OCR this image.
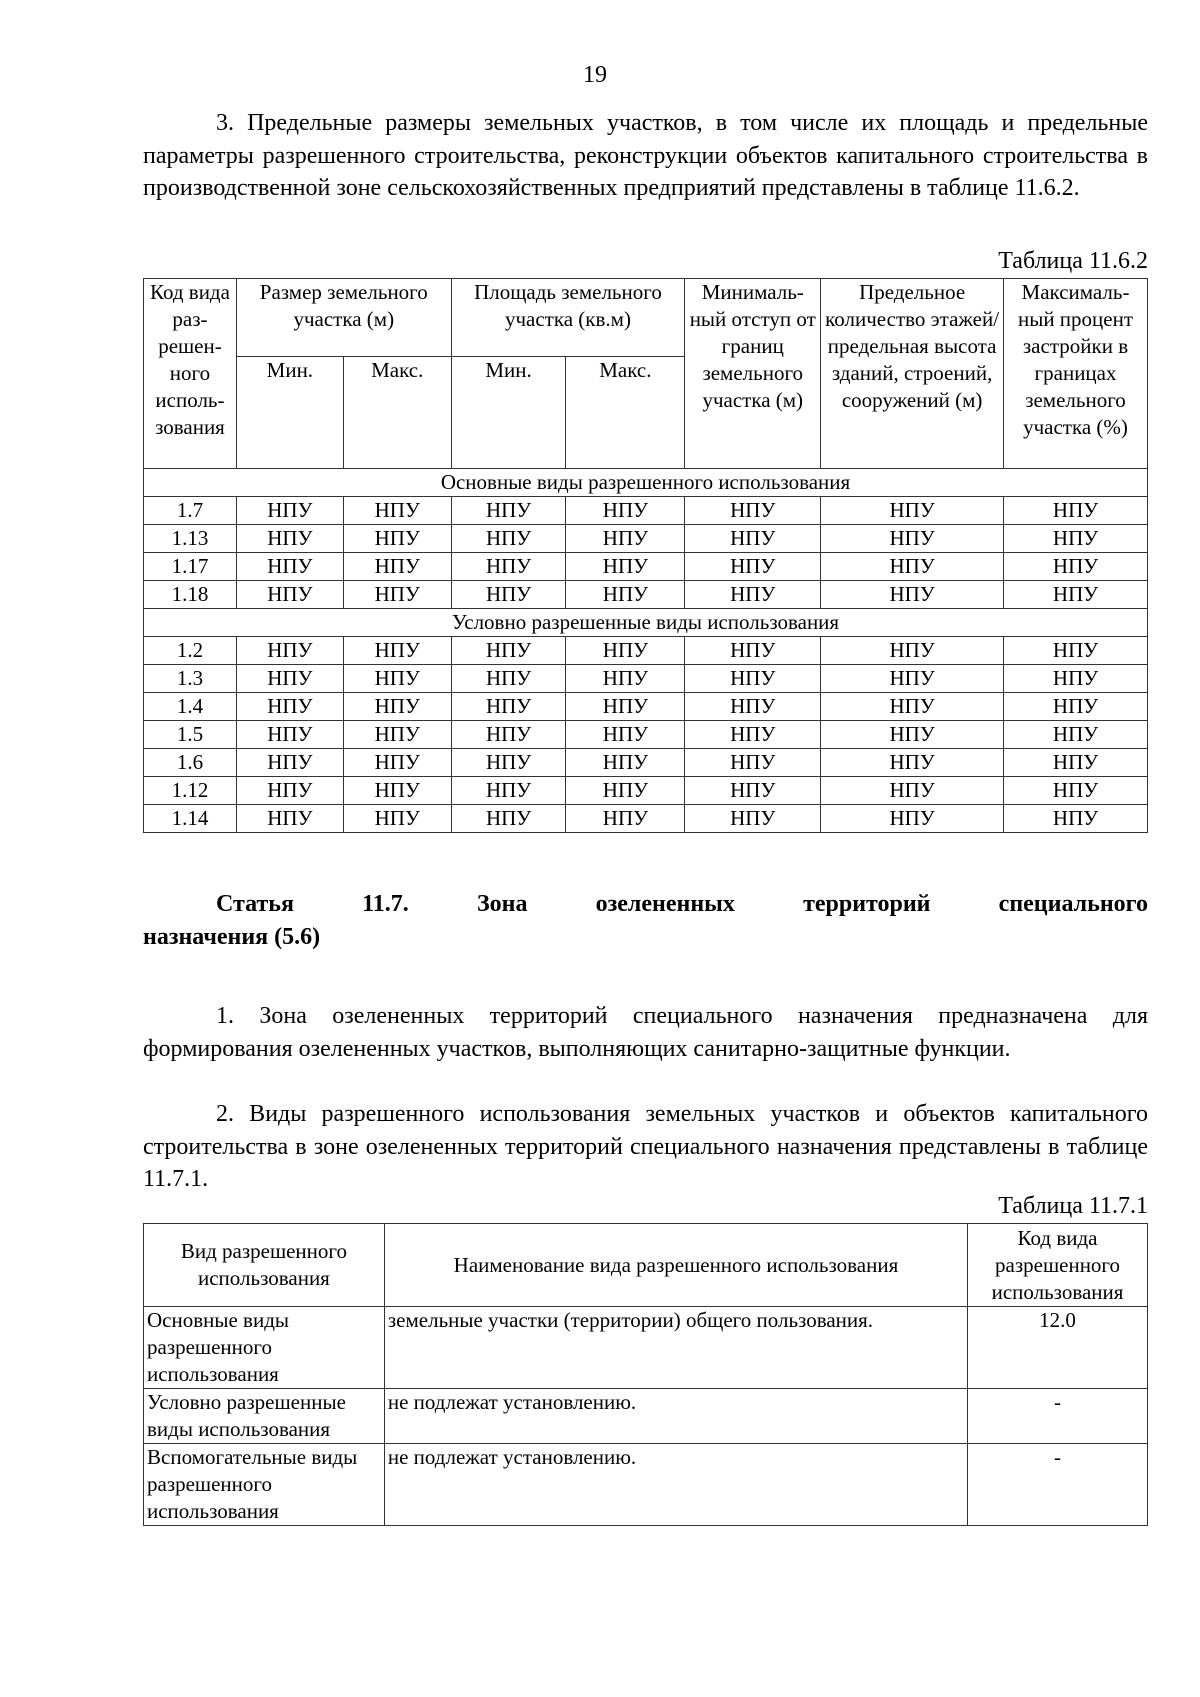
19

3. Предельные размеры земельных участков, в том числе их площадь и предельные параметры разрешенного строительства, реконструкции объектов капитального строительства в производственной зоне сельскохозяйственных предприятий представлены в таблице 11.6.2.

Таблица 11.6.2
Код вида раз-решен-ного исполь-зования	Размер земельного участка (м)		Площадь земельного участка (кв.м)		Минималь-ный отступ от границ земельного участка (м)	Предельное количество этажей/ предельная высота зданий, строений, сооружений (м)	Максималь-ный процент застройки в границах земельного участка (%)
	Мин.	Макс.	Мин.	Макс.			
Основные виды разрешенного использования							
1.7	НПУ	НПУ	НПУ	НПУ	НПУ	НПУ	НПУ
1.13	НПУ	НПУ	НПУ	НПУ	НПУ	НПУ	НПУ
1.17	НПУ	НПУ	НПУ	НПУ	НПУ	НПУ	НПУ
1.18	НПУ	НПУ	НПУ	НПУ	НПУ	НПУ	НПУ
Условно разрешенные виды использования							
1.2	НПУ	НПУ	НПУ	НПУ	НПУ	НПУ	НПУ
1.3	НПУ	НПУ	НПУ	НПУ	НПУ	НПУ	НПУ
1.4	НПУ	НПУ	НПУ	НПУ	НПУ	НПУ	НПУ
1.5	НПУ	НПУ	НПУ	НПУ	НПУ	НПУ	НПУ
1.6	НПУ	НПУ	НПУ	НПУ	НПУ	НПУ	НПУ
1.12	НПУ	НПУ	НПУ	НПУ	НПУ	НПУ	НПУ
1.14	НПУ	НПУ	НПУ	НПУ	НПУ	НПУ	НПУ
Статья	11.7.	Зона	озелененных	территорий	специального
назначения (5.6)

1. Зона озелененных территорий специального назначения предназначена для формирования озелененных участков, выполняющих санитарно-защитные функции.

2. Виды разрешенного использования земельных участков и объектов капитального строительства в зоне озелененных территорий специального назначения представлены в таблице 11.7.1.

Таблица 11.7.1
Вид разрешенного использования	Наименование вида разрешенного использования	Код вида разрешенного использования
Основные виды разрешенного использования	земельные участки (территории) общего пользования.	12.0
Условно разрешенные виды использования	не подлежат установлению.	-
Вспомогательные виды разрешенного использования	не подлежат установлению.	-
